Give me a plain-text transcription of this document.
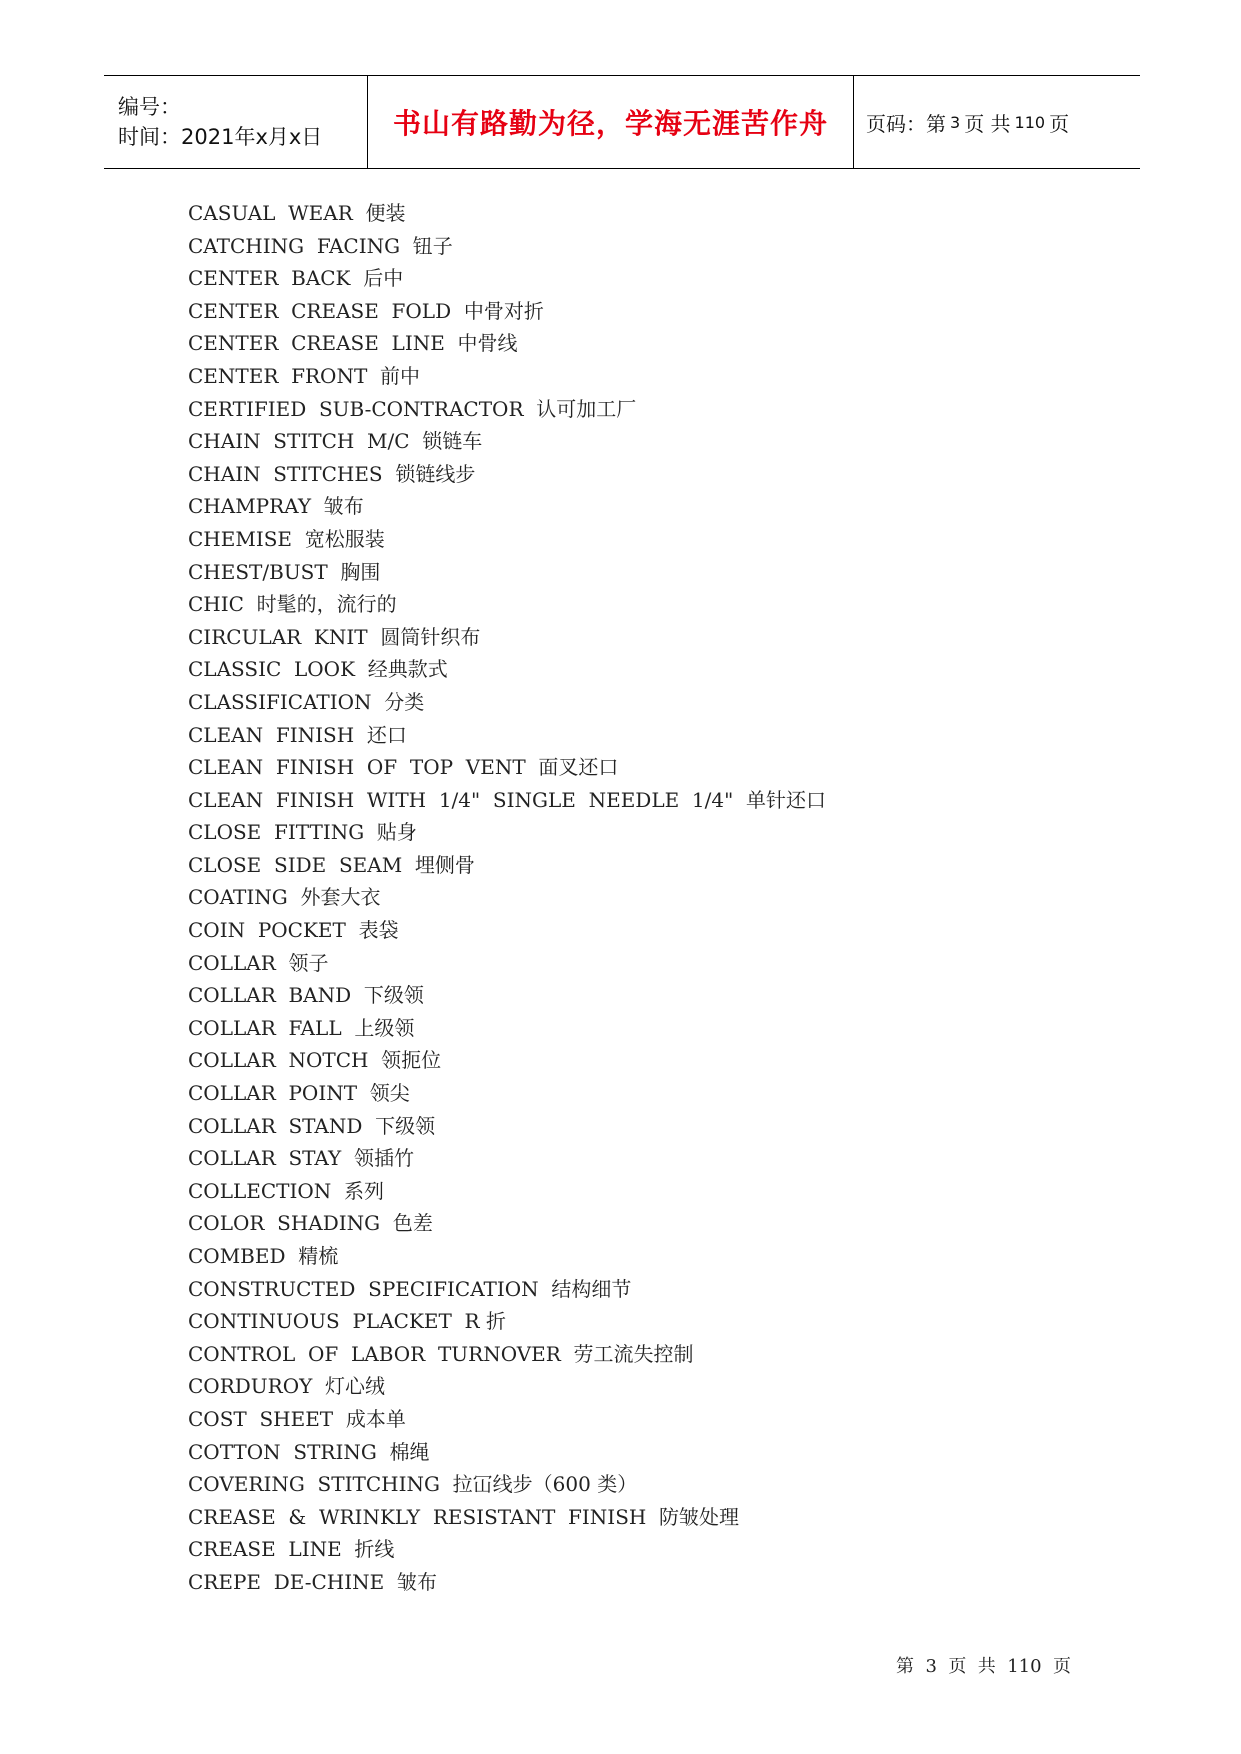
编号：
时间：2021年x月x日	书山有路勤为径，学海无涯苦作舟 页码：第 3 页 共 110 页
CASUAL  WEAR  便装
CATCHING  FACING  钮子
CENTER  BACK  后中
CENTER  CREASE  FOLD  中骨对折
CENTER  CREASE  LINE  中骨线
CENTER  FRONT  前中
CERTIFIED  SUB-CONTRACTOR  认可加工厂
CHAIN  STITCH  M/C  锁链车
CHAIN  STITCHES  锁链线步
CHAMPRAY  皱布
CHEMISE  宽松服装
CHEST/BUST  胸围
CHIC  时髦的，流行的
CIRCULAR  KNIT  圆筒针织布
CLASSIC  LOOK  经典款式
CLASSIFICATION  分类
CLEAN  FINISH  还口
CLEAN  FINISH  OF  TOP  VENT  面叉还口
CLEAN  FINISH  WITH  1/4"  SINGLE  NEEDLE  1/4"  单针还口
CLOSE  FITTING  贴身
CLOSE  SIDE  SEAM  埋侧骨
COATING  外套大衣
COIN  POCKET  表袋
COLLAR  领子
COLLAR  BAND  下级领
COLLAR  FALL  上级领
COLLAR  NOTCH  领扼位
COLLAR  POINT  领尖
COLLAR  STAND  下级领
COLLAR  STAY  领插竹
COLLECTION  系列
COLOR  SHADING  色差
COMBED  精梳
CONSTRUCTED  SPECIFICATION  结构细节
CONTINUOUS  PLACKET  R 折
CONTROL  OF  LABOR  TURNOVER  劳工流失控制
CORDUROY  灯心绒
COST  SHEET  成本单
COTTON  STRING  棉绳
COVERING  STITCHING  拉冚线步（600 类）
CREASE  &  WRINKLY  RESISTANT  FINISH  防皱处理
CREASE  LINE  折线
CREPE  DE-CHINE  皱布
第  3  页  共  110  页
